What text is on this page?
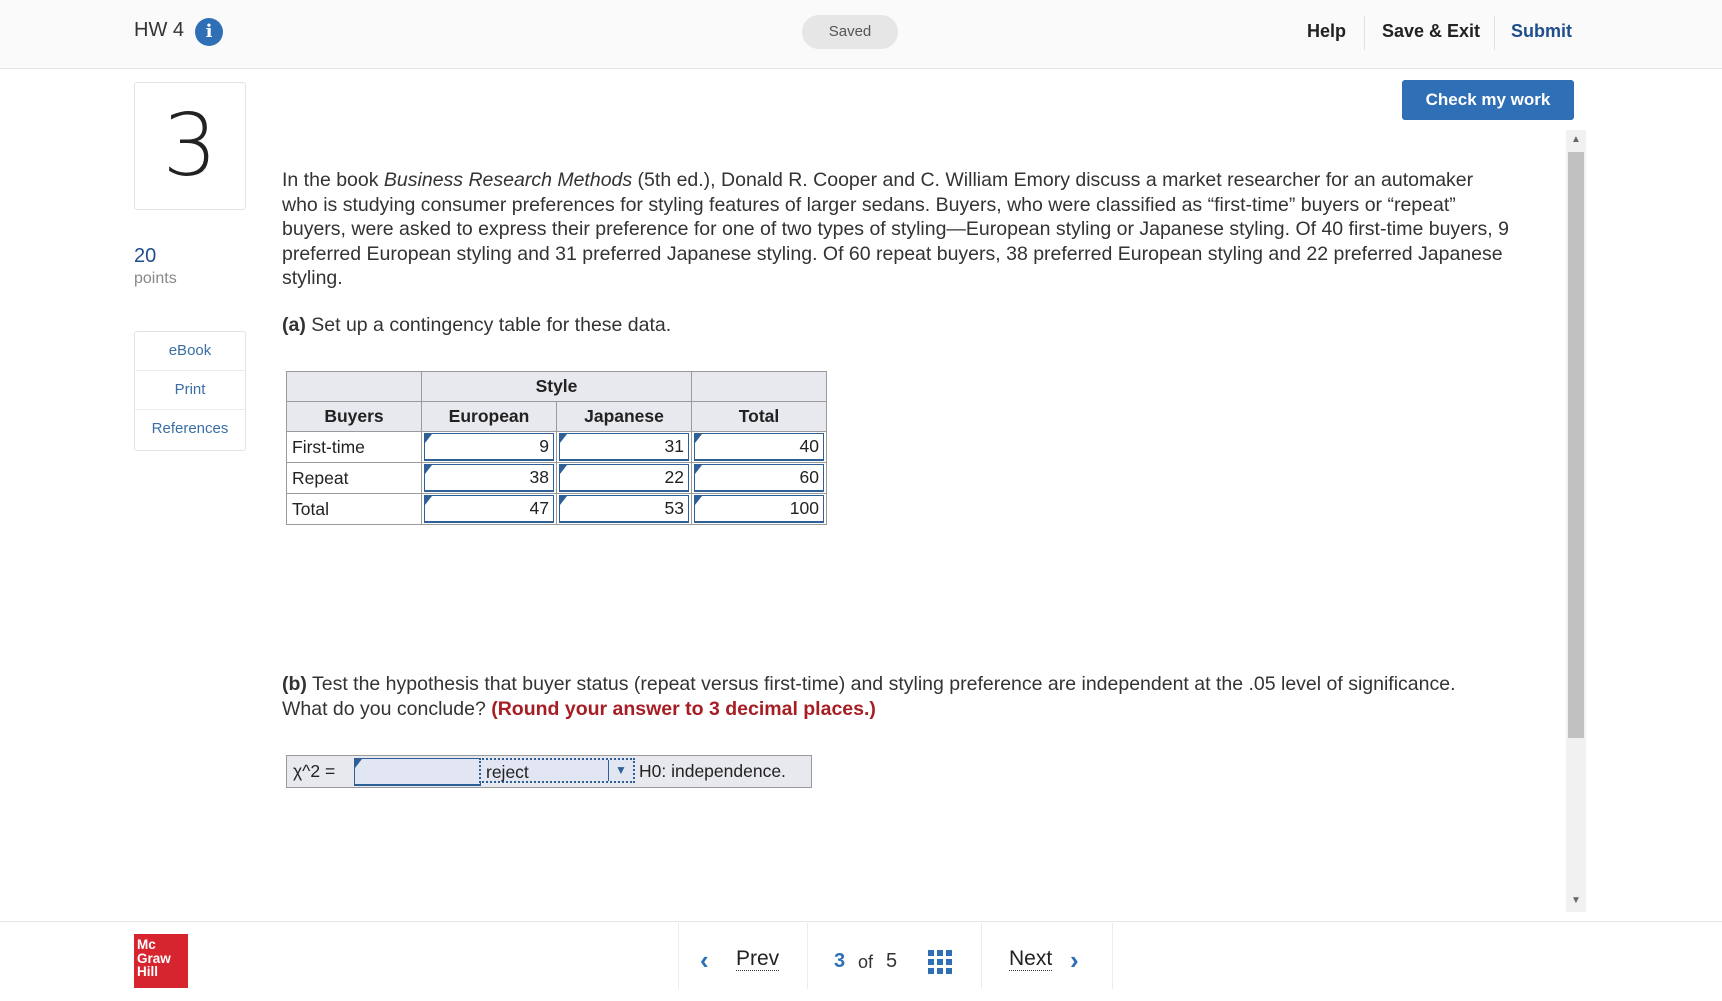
HW 4	i	Saved	Help Save & Exit Submit
3
20
points
eBook
Print
References
Check my work
▲
▼

In the book Business Research Methods (5th ed.), Donald R. Cooper and C. William Emory discuss a market researcher for an automaker who is studying consumer preferences for styling features of larger sedans. Buyers, who were classified as “first-time” buyers or “repeat” buyers, were asked to express their preference for one of two types of styling—European styling or Japanese styling. Of 40 first-time buyers, 9 preferred European styling and 31 preferred Japanese styling. Of 60 repeat buyers, 38 preferred European styling and 22 preferred Japanese styling.

(a) Set up a contingency table for these data.
	Style		
Buyers	European	Japanese	Total
First-time	9	31	40

Repeat	38	22	60

Total	47	53	100
(b) Test the hypothesis that buyer status (repeat versus first-time) and styling preference are independent at the .05 level of significance. What do you conclude? (Round your answer to 3 decimal places.)
χ^2 =	reject	▼ H0: independence.
Mc
Graw
Hill	‹ Prev	3 of 5	Next ›
